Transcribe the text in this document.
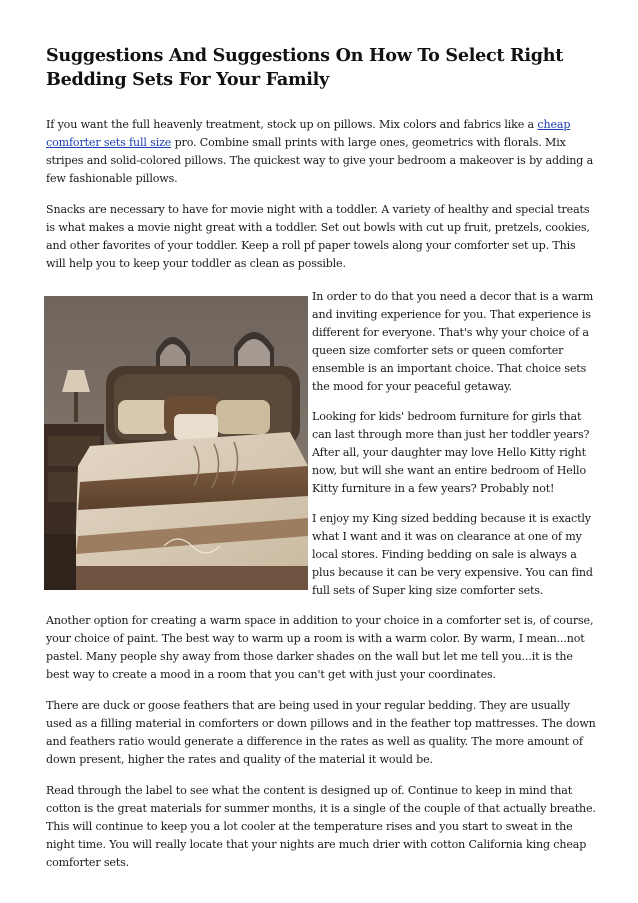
Suggestions And Suggestions On How To Select Right Bedding Sets For Your Family

If you want the full heavenly treatment, stock up on pillows. Mix colors and fabrics like a cheap comforter sets full size pro. Combine small prints with large ones, geometrics with florals. Mix stripes and solid-colored pillows. The quickest way to give your bedroom a makeover is by adding a few fashionable pillows.

Snacks are necessary to have for movie night with a toddler. A variety of healthy and special treats is what makes a movie night great with a toddler. Set out bowls with cut up fruit, pretzels, cookies, and other favorites of your toddler. Keep a roll pf paper towels along your comforter set up. This will help you to keep your toddler as clean as possible.

In order to do that you need a decor that is a warm and inviting experience for you. That experience is different for everyone. That's why your choice of a queen size comforter sets or queen comforter ensemble is an important choice. That choice sets the mood for your peaceful getaway.

Looking for kids' bedroom furniture for girls that can last through more than just her toddler years? After all, your daughter may love Hello Kitty right now, but will she want an entire bedroom of Hello Kitty furniture in a few years? Probably not!

I enjoy my King sized bedding because it is exactly what I want and it was on clearance at one of my local stores. Finding bedding on sale is always a plus because it can be very expensive. You can find full sets of Super king size comforter sets.

Another option for creating a warm space in addition to your choice in a comforter set is, of course, your choice of paint. The best way to warm up a room is with a warm color. By warm, I mean...not pastel. Many people shy away from those darker shades on the wall but let me tell you...it is the best way to create a mood in a room that you can't get with just your coordinates.

There are duck or goose feathers that are being used in your regular bedding. They are usually used as a filling material in comforters or down pillows and in the feather top mattresses. The down and feathers ratio would generate a difference in the rates as well as quality. The more amount of down present, higher the rates and quality of the material it would be.

Read through the label to see what the content is designed up of. Continue to keep in mind that cotton is the great materials for summer months, it is a single of the couple of that actually breathe. This will continue to keep you a lot cooler at the temperature rises and you start to sweat in the night time. You will really locate that your nights are much drier with cotton California king cheap comforter sets.
